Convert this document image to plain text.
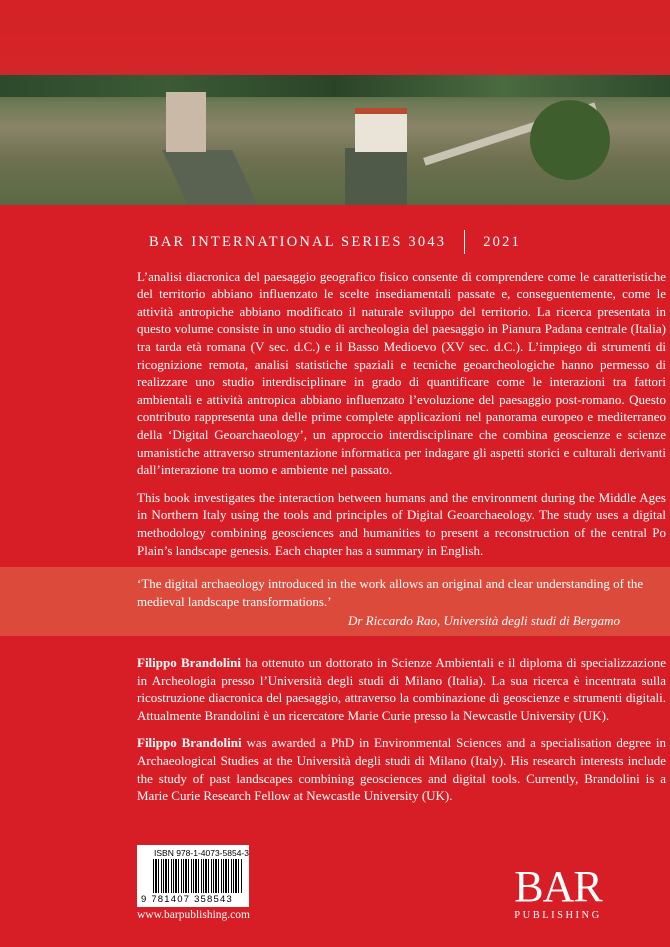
BAR INTERNATIONAL SERIES 3043	2021

L’analisi diacronica del paesaggio geografico fisico consente di comprendere come le caratteristiche del territorio abbiano influenzato le scelte insediamentali passate e, conseguentemente, come le attività antropiche abbiano modificato il naturale sviluppo del territorio. La ricerca presentata in questo volume consiste in uno studio di archeologia del paesaggio in Pianura Padana centrale (Italia) tra tarda età romana (V sec. d.C.) e il Basso Medioevo (XV sec. d.C.). L’impiego di strumenti di ricognizione remota, analisi statistiche spaziali e tecniche geoarcheologiche hanno permesso di realizzare uno studio interdisciplinare in grado di quantificare come le interazioni tra fattori ambientali e attività antropica abbiano influenzato l’evoluzione del paesaggio post-romano. Questo contributo rappresenta una delle prime complete applicazioni nel panorama europeo e mediterraneo della ‘Digital Geoarchaeology’, un approccio interdisciplinare che combina geoscienze e scienze umanistiche attraverso strumentazione informatica per indagare gli aspetti storici e culturali derivanti dall’interazione tra uomo e ambiente nel passato.

This book investigates the interaction between humans and the environment during the Middle Ages in Northern Italy using the tools and principles of Digital Geoarchaeology. The study uses a digital methodology combining geosciences and humanities to present a reconstruction of the central Po Plain’s landscape genesis. Each chapter has a summary in English.

‘The digital archaeology introduced in the work allows an original and clear understanding of the medieval landscape transformations.’
Dr Riccardo Rao, Università degli studi di Bergamo

Filippo Brandolini ha ottenuto un dottorato in Scienze Ambientali e il diploma di specializzazione in Archeologia presso l’Università degli studi di Milano (Italia). La sua ricerca è incentrata sulla ricostruzione diacronica del paesaggio, attraverso la combinazione di geoscienze e strumenti digitali. Attualmente Brandolini è un ricercatore Marie Curie presso la Newcastle University (UK).

Filippo Brandolini was awarded a PhD in Environmental Sciences and a specialisation degree in Archaeological Studies at the Università degli studi di Milano (Italy). His research interests include the study of past landscapes combining geosciences and digital tools. Currently, Brandolini is a Marie Curie Research Fellow at Newcastle University (UK).

ISBN 978-1-4073-5854-3
9 781407 358543
www.barpublishing.com
BAR
PUBLISHING
